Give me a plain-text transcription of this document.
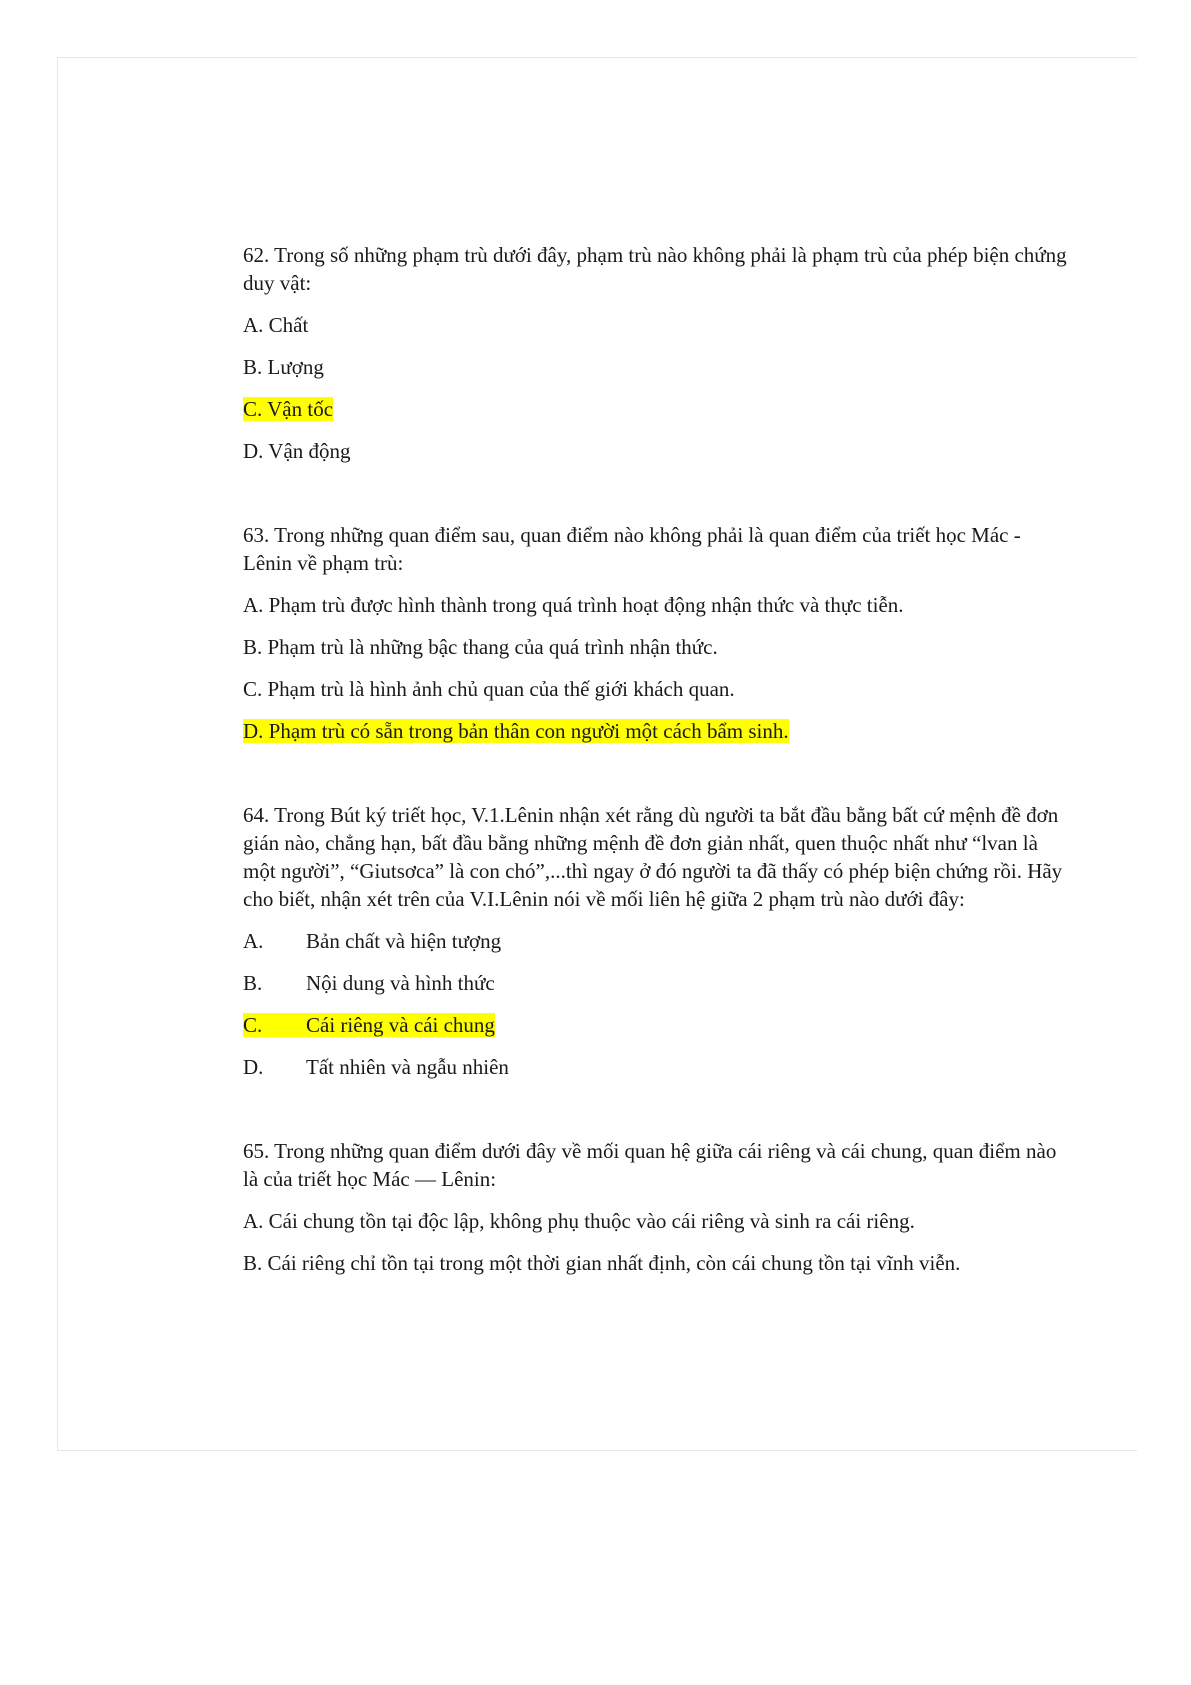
62. Trong số những phạm trù dưới đây, phạm trù nào không phải là phạm trù của phép biện chứng duy vật:
A. Chất
B. Lượng
C. Vận tốc
D. Vận động
63. Trong những quan điểm sau, quan điểm nào không phải là quan điểm của triết học Mác - Lênin về phạm trù:
A. Phạm trù được hình thành trong quá trình hoạt động nhận thức và thực tiễn.
B. Phạm trù là những bậc thang của quá trình nhận thức.
C. Phạm trù là hình ảnh chủ quan của thế giới khách quan.
D. Phạm trù có sẵn trong bản thân con người một cách bẩm sinh.
64. Trong Bút ký triết học, V.1.Lênin nhận xét rằng dù người ta bắt đầu bằng bất cứ mệnh đề đơn gián nào, chẳng hạn, bất đầu bằng những mệnh đề đơn giản nhất, quen thuộc nhất như “lvan là một người”, “Giutsơca” là con chó”,...thì ngay ở đó người ta đã thấy có phép biện chứng rồi. Hãy cho biết, nhận xét trên của V.I.Lênin nói về mối liên hệ giữa 2 phạm trù nào dưới đây:
A. Bản chất và hiện tượng
B. Nội dung và hình thức
C. Cái riêng và cái chung
D. Tất nhiên và ngẫu nhiên
65. Trong những quan điểm dưới đây về mối quan hệ giữa cái riêng và cái chung, quan điểm nào là của triết học Mác — Lênin:
A. Cái chung tồn tại độc lập, không phụ thuộc vào cái riêng và sinh ra cái riêng.
B. Cái riêng chỉ tồn tại trong một thời gian nhất định, còn cái chung tồn tại vĩnh viễn.
